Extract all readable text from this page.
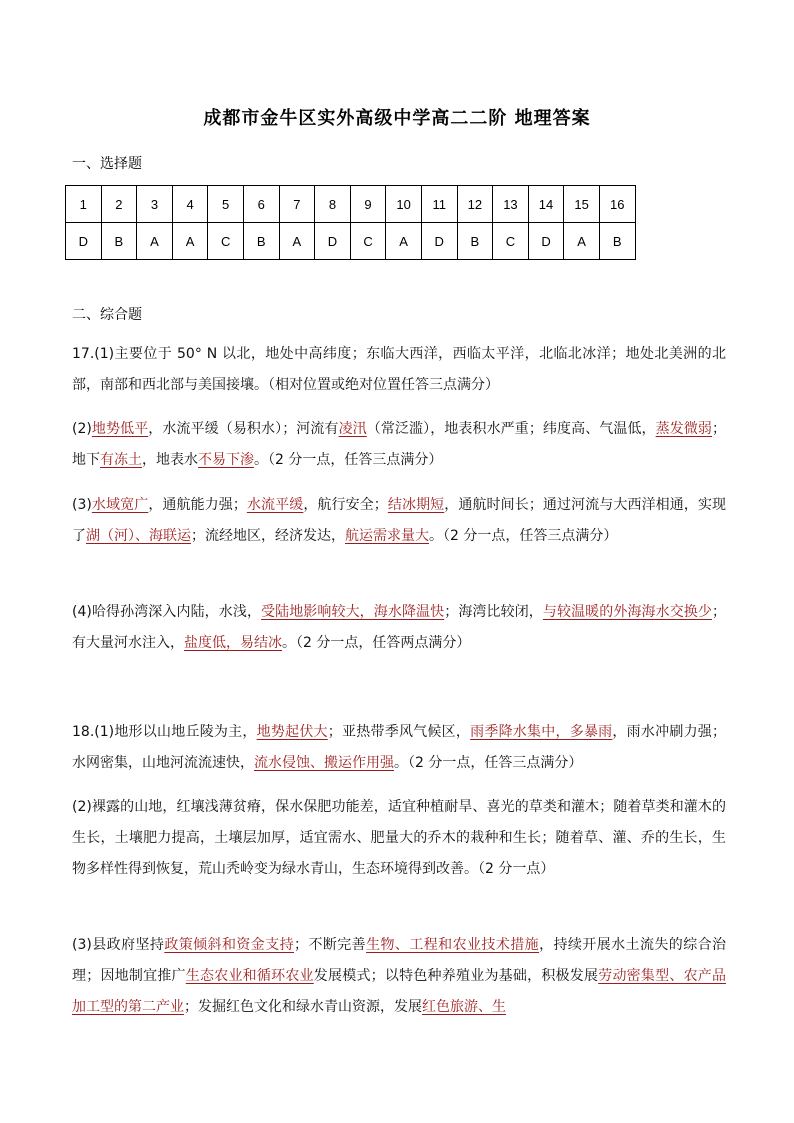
成都市金牛区实外高级中学高二二阶 地理答案
一、选择题
1	2	3	4	5	6	7	8	9	10	11	12	13	14	15	16
D	B	A	A	C	B	A	D	C	A	D	B	C	D	A	B
二、综合题

17.(1)主要位于 50° N 以北，地处中高纬度；东临大西洋，西临太平洋，北临北冰洋；地处北美洲的北部，南部和西北部与美国接壤。（相对位置或绝对位置任答三点满分）

(2)地势低平，水流平缓（易积水）；河流有凌汛（常泛滥），地表积水严重；纬度高、气温低，蒸发微弱；地下有冻土，地表水不易下渗。（2 分一点，任答三点满分）

(3)水域宽广，通航能力强；水流平缓，航行安全；结冰期短，通航时间长；通过河流与大西洋相通，实现了湖（河）、海联运；流经地区，经济发达，航运需求量大。（2 分一点，任答三点满分）

(4)哈得孙湾深入内陆，水浅，受陆地影响较大，海水降温快；海湾比较闭，与较温暖的外海海水交换少；有大量河水注入，盐度低，易结冰。（2 分一点，任答两点满分）

18.(1)地形以山地丘陵为主，地势起伏大；亚热带季风气候区，雨季降水集中，多暴雨，雨水冲刷力强；水网密集，山地河流流速快，流水侵蚀、搬运作用强。（2 分一点，任答三点满分）

(2)裸露的山地，红壤浅薄贫瘠，保水保肥功能差，适宜种植耐旱、喜光的草类和灌木；随着草类和灌木的生长，土壤肥力提高，土壤层加厚，适宜需水、肥量大的乔木的栽种和生长；随着草、灌、乔的生长，生物多样性得到恢复，荒山秃岭变为绿水青山，生态环境得到改善。（2 分一点）

(3)县政府坚持政策倾斜和资金支持；不断完善生物、工程和农业技术措施，持续开展水土流失的综合治理；因地制宜推广生态农业和循环农业发展模式；以特色种养殖业为基础，积极发展劳动密集型、农产品加工型的第二产业；发掘红色文化和绿水青山资源，发展红色旅游、生
